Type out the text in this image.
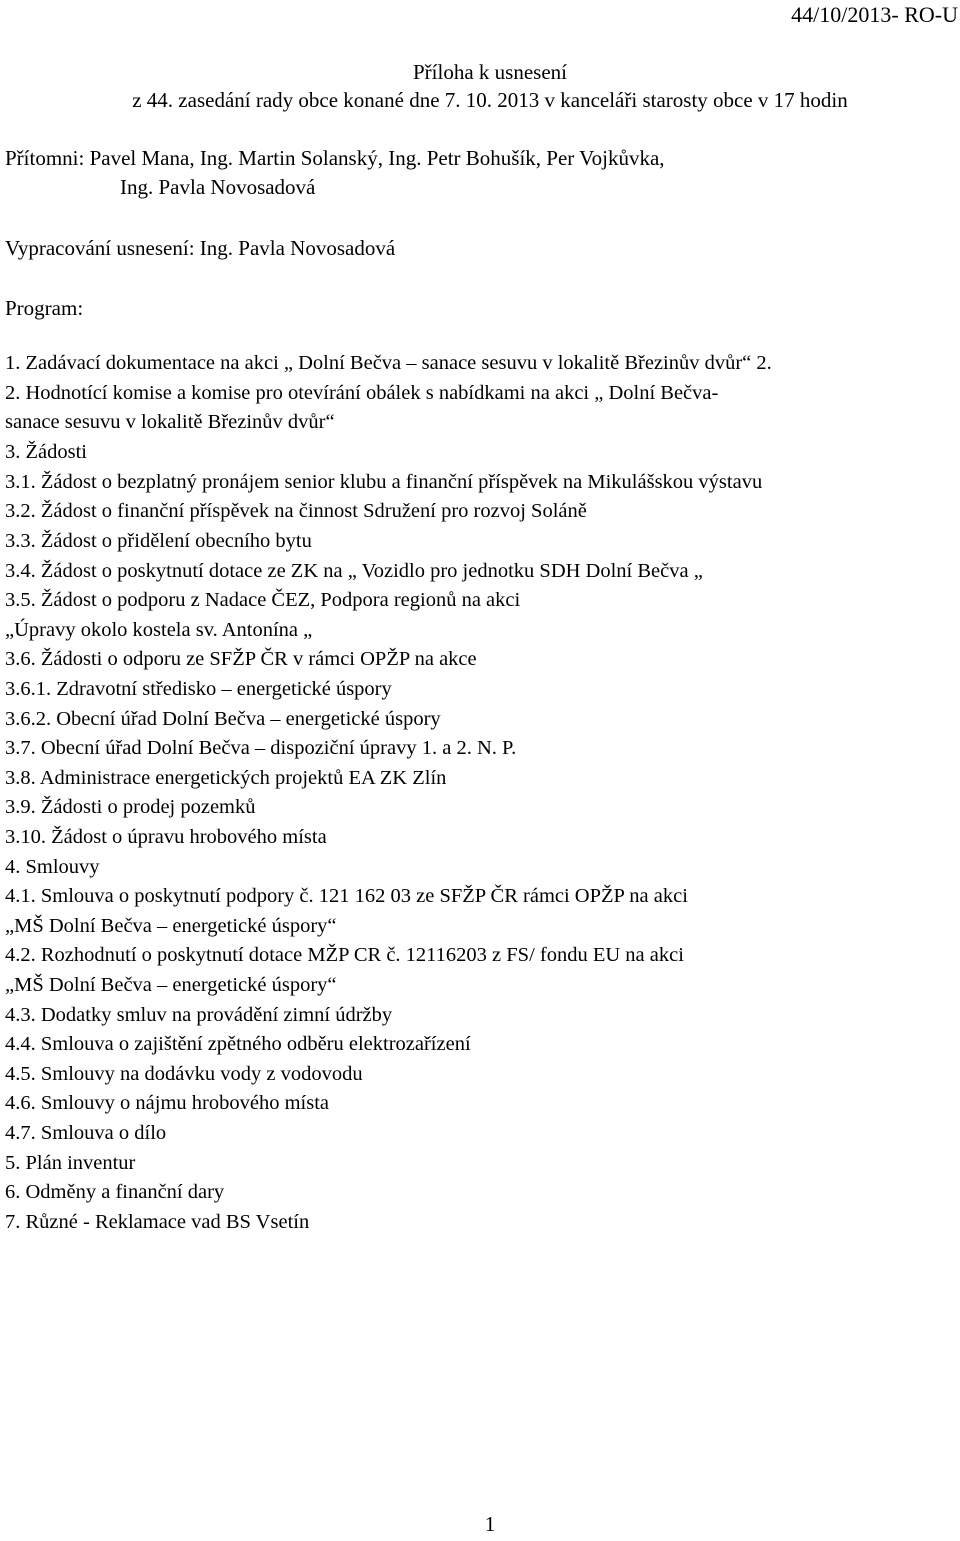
44/10/2013- RO-U
Příloha k usnesení
z 44. zasedání rady obce konané dne 7. 10. 2013 v kanceláři starosty obce v 17 hodin
Přítomni: Pavel Mana, Ing. Martin Solanský, Ing. Petr Bohušík, Per Vojkůvka,
Ing. Pavla Novosadová
Vypracování usnesení: Ing. Pavla Novosadová
Program:
1. Zadávací dokumentace na akci „ Dolní Bečva – sanace sesuvu v lokalitě Březinův dvůr“ 2.
2. Hodnotící komise a komise pro otevírání obálek s nabídkami na akci „ Dolní Bečva-
sanace sesuvu v lokalitě Březinův dvůr“
3. Žádosti
3.1. Žádost o bezplatný pronájem senior klubu a finanční příspěvek na Mikulášskou výstavu
3.2. Žádost o finanční příspěvek na činnost Sdružení pro rozvoj Soláně
3.3. Žádost o přidělení obecního bytu
3.4. Žádost o poskytnutí dotace ze ZK na „ Vozidlo pro jednotku SDH Dolní Bečva „
3.5. Žádost o podporu z Nadace ČEZ, Podpora regionů na akci
„Úpravy okolo kostela sv. Antonína „
3.6. Žádosti o odporu ze SFŽP ČR v rámci OPŽP na akce
3.6.1. Zdravotní středisko – energetické úspory
3.6.2. Obecní úřad Dolní Bečva – energetické úspory
3.7. Obecní úřad Dolní Bečva – dispoziční úpravy 1. a 2. N. P.
3.8. Administrace energetických projektů EA ZK Zlín
3.9. Žádosti o prodej pozemků
3.10. Žádost o úpravu hrobového místa
4. Smlouvy
4.1. Smlouva o poskytnutí podpory č. 121 162 03 ze SFŽP ČR rámci OPŽP na akci
„MŠ Dolní Bečva – energetické úspory“
4.2. Rozhodnutí o poskytnutí dotace MŽP CR č. 12116203 z FS/ fondu EU na akci
„MŠ Dolní Bečva – energetické úspory“
4.3. Dodatky smluv na provádění zimní údržby
4.4. Smlouva o zajištění zpětného odběru elektrozařízení
4.5. Smlouvy na dodávku vody z vodovodu
4.6. Smlouvy o nájmu hrobového místa
4.7. Smlouva o dílo
5. Plán inventur
6. Odměny a finanční dary
7. Různé - Reklamace vad BS Vsetín
1
